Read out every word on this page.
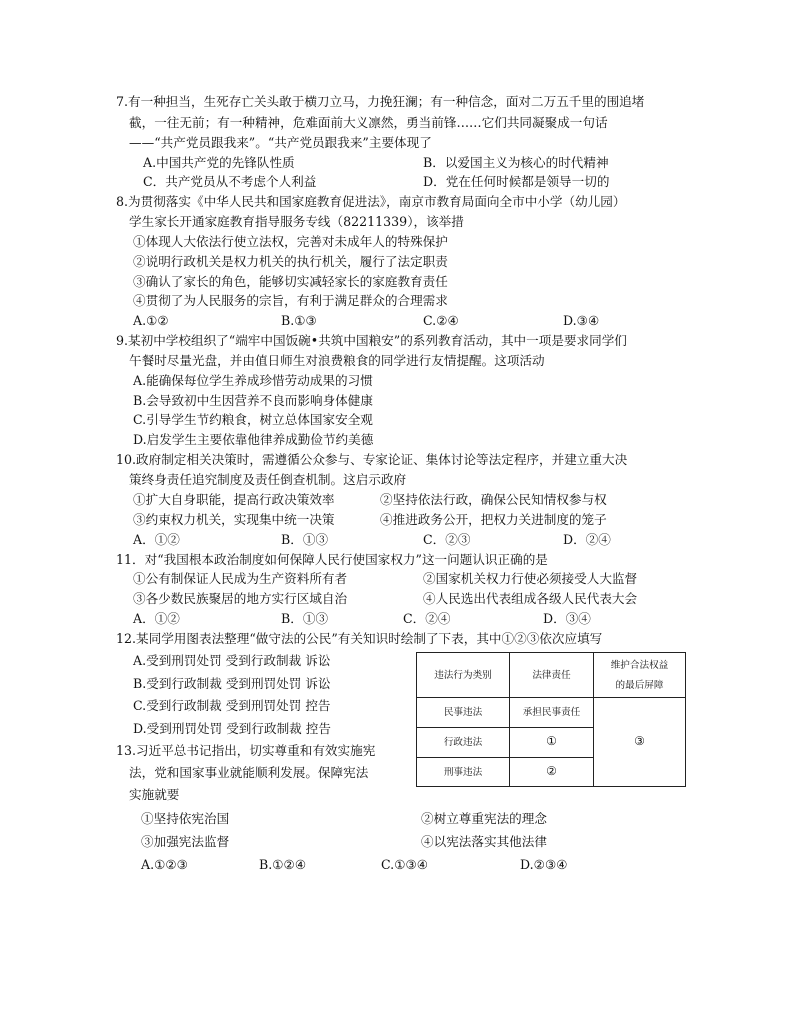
7.有一种担当，生死存亡关头敢于横刀立马，力挽狂澜；有一种信念，面对二万五千里的围追堵
截，一往无前；有一种精神，危难面前大义凛然，勇当前锋……它们共同凝聚成一句话
——“共产党员跟我来”。“共产党员跟我来”主要体现了
A.中国共产党的先锋队性质	B．以爱国主义为核心的时代精神
C．共产党员从不考虑个人利益	D．党在任何时候都是领导一切的
8.为贯彻落实《中华人民共和国家庭教育促进法》，南京市教育局面向全市中小学（幼儿园）
学生家长开通家庭教育指导服务专线（82211339），该举措
①体现人大依法行使立法权，完善对未成年人的特殊保护
②说明行政机关是权力机关的执行机关，履行了法定职责
③确认了家长的角色，能够切实减轻家长的家庭教育责任
④贯彻了为人民服务的宗旨，有利于满足群众的合理需求
A.①②	B.①③	C.②④	D.③④
9.某初中学校组织了“端牢中国饭碗•共筑中国粮安”的系列教育活动，其中一项是要求同学们
午餐时尽量光盘，并由值日师生对浪费粮食的同学进行友情提醒。这项活动
A.能确保每位学生养成珍惜劳动成果的习惯
B.会导致初中生因营养不良而影响身体健康
C.引导学生节约粮食，树立总体国家安全观
D.启发学生主要依靠他律养成勤俭节约美德
10.政府制定相关决策时，需遵循公众参与、专家论证、集体讨论等法定程序，并建立重大决
策终身责任追究制度及责任倒查机制。这启示政府
①扩大自身职能，提高行政决策效率	②坚持依法行政，确保公民知情权参与权
③约束权力机关，实现集中统一决策	④推进政务公开，把权力关进制度的笼子
A．①②	B．①③	C．②③	D．②④
11．对“我国根本政治制度如何保障人民行使国家权力”这一问题认识正确的是
①公有制保证人民成为生产资料所有者	②国家机关权力行使必须接受人大监督
③各少数民族聚居的地方实行区域自治	④人民选出代表组成各级人民代表大会
A．①②	B．①③	C．②④	D．③④
12.某同学用图表法整理“做守法的公民”有关知识时绘制了下表，其中①②③依次应填写
A.受到刑罚处罚 受到行政制裁 诉讼
B.受到行政制裁 受到刑罚处罚 诉讼
C.受到行政制裁 受到刑罚处罚 控告
D.受到刑罚处罚 受到行政制裁 控告
违法行为类别	法律责任
维护合法权益
的最后屏障
民事违法	承担民事责任
行政违法	①
刑事违法	②
③
13.习近平总书记指出，切实尊重和有效实施宪
法，党和国家事业就能顺利发展。保障宪法
实施就要
①坚持依宪治国	②树立尊重宪法的理念
③加强宪法监督	④以宪法落实其他法律
A.①②③	B.①②④	C.①③④	D.②③④
